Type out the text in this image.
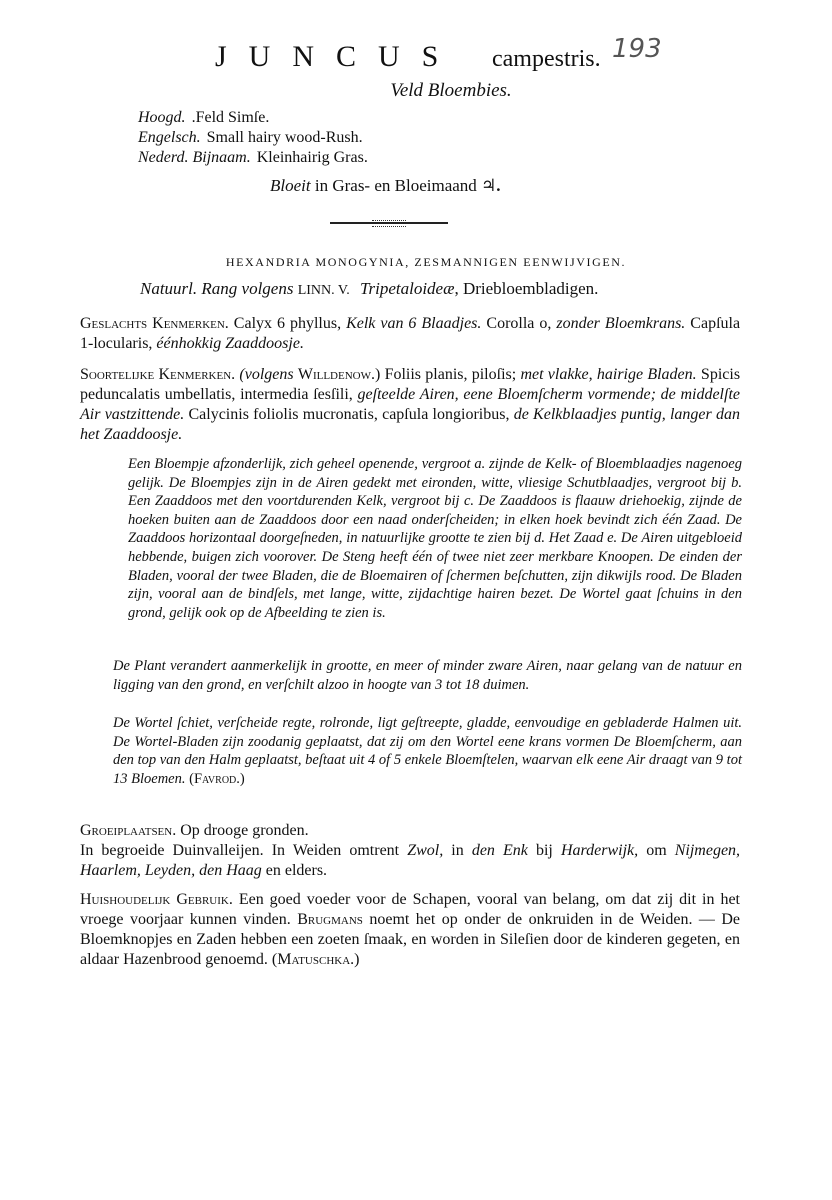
JUNCUS campestris. 193
Veld Bloembies.
Hoogd. .Feld Simſe.
Engelsch. Small hairy wood-Rush.
Nederd. Bijnaam. Kleinhairig Gras.
Bloeit in Gras- en Bloeimaand ♃.
HEXANDRIA MONOGYNIA, ZESMANNIGEN EENWIJVIGEN.
Natuurl. Rang volgens LINN. V. Tripetaloideæ, Driebloembladigen.

Geslachts Kenmerken. Calyx 6 phyllus, Kelk van 6 Blaadjes. Corolla o, zonder Bloemkrans. Capſula 1-locularis, éénhokkig Zaaddoosje.

Soortelijke Kenmerken. (volgens Willdenow.) Foliis planis, piloſis; met vlakke, hairige Bladen. Spicis peduncalatis umbellatis, intermedia ſesſili, geſteelde Airen, eene Bloemſcherm vormende; de middelſte Air vastzittende. Calycinis foliolis mucronatis, capſula longioribus, de Kelkblaadjes puntig, langer dan het Zaaddoosje.

Een Bloempje afzonderlijk, zich geheel openende, vergroot a. zijnde de Kelk- of Bloemblaadjes nagenoeg gelijk. De Bloempjes zijn in de Airen gedekt met eironden, witte, vliesige Schutblaadjes, vergroot bij b. Een Zaaddoos met den voortdurenden Kelk, vergroot bij c. De Zaaddoos is flaauw driehoekig, zijnde de hoeken buiten aan de Zaaddoos door een naad onderſcheiden; in elken hoek bevindt zich één Zaad. De Zaaddoos horizontaal doorgeſneden, in natuurlijke grootte te zien bij d. Het Zaad e. De Airen uitgebloeid hebbende, buigen zich voorover. De Steng heeft één of twee niet zeer merkbare Knoopen. De einden der Bladen, vooral der twee Bladen, die de Bloemairen of ſchermen beſchutten, zijn dikwijls rood. De Bladen zijn, vooral aan de bindſels, met lange, witte, zijdachtige hairen bezet. De Wortel gaat ſchuins in den grond, gelijk ook op de Afbeelding te zien is.
De Plant verandert aanmerkelijk in grootte, en meer of minder zware Airen, naar gelang van de natuur en ligging van den grond, en verſchilt alzoo in hoogte van 3 tot 18 duimen.
De Wortel ſchiet, verſcheide regte, rolronde, ligt geſtreepte, gladde, eenvoudige en gebladerde Halmen uit. De Wortel-Bladen zijn zoodanig geplaatst, dat zij om den Wortel eene krans vormen De Bloemſcherm, aan den top van den Halm geplaatst, beſtaat uit 4 of 5 enkele Bloemſtelen, waarvan elk eene Air draagt van 9 tot 13 Bloemen. (Favrod.)

Groeiplaatsen. Op drooge gronden.
In begroeide Duinvalleijen. In Weiden omtrent Zwol, in den Enk bij Harderwijk, om Nijmegen, Haarlem, Leyden, den Haag en elders.

Huishoudelijk Gebruik. Een goed voeder voor de Schapen, vooral van belang, om dat zij dit in het vroege voorjaar kunnen vinden. Brugmans noemt het op onder de onkruiden in de Weiden. — De Bloemknopjes en Zaden hebben een zoeten ſmaak, en worden in Sileſien door de kinderen gegeten, en aldaar Hazenbrood genoemd. (Matuschka.)
